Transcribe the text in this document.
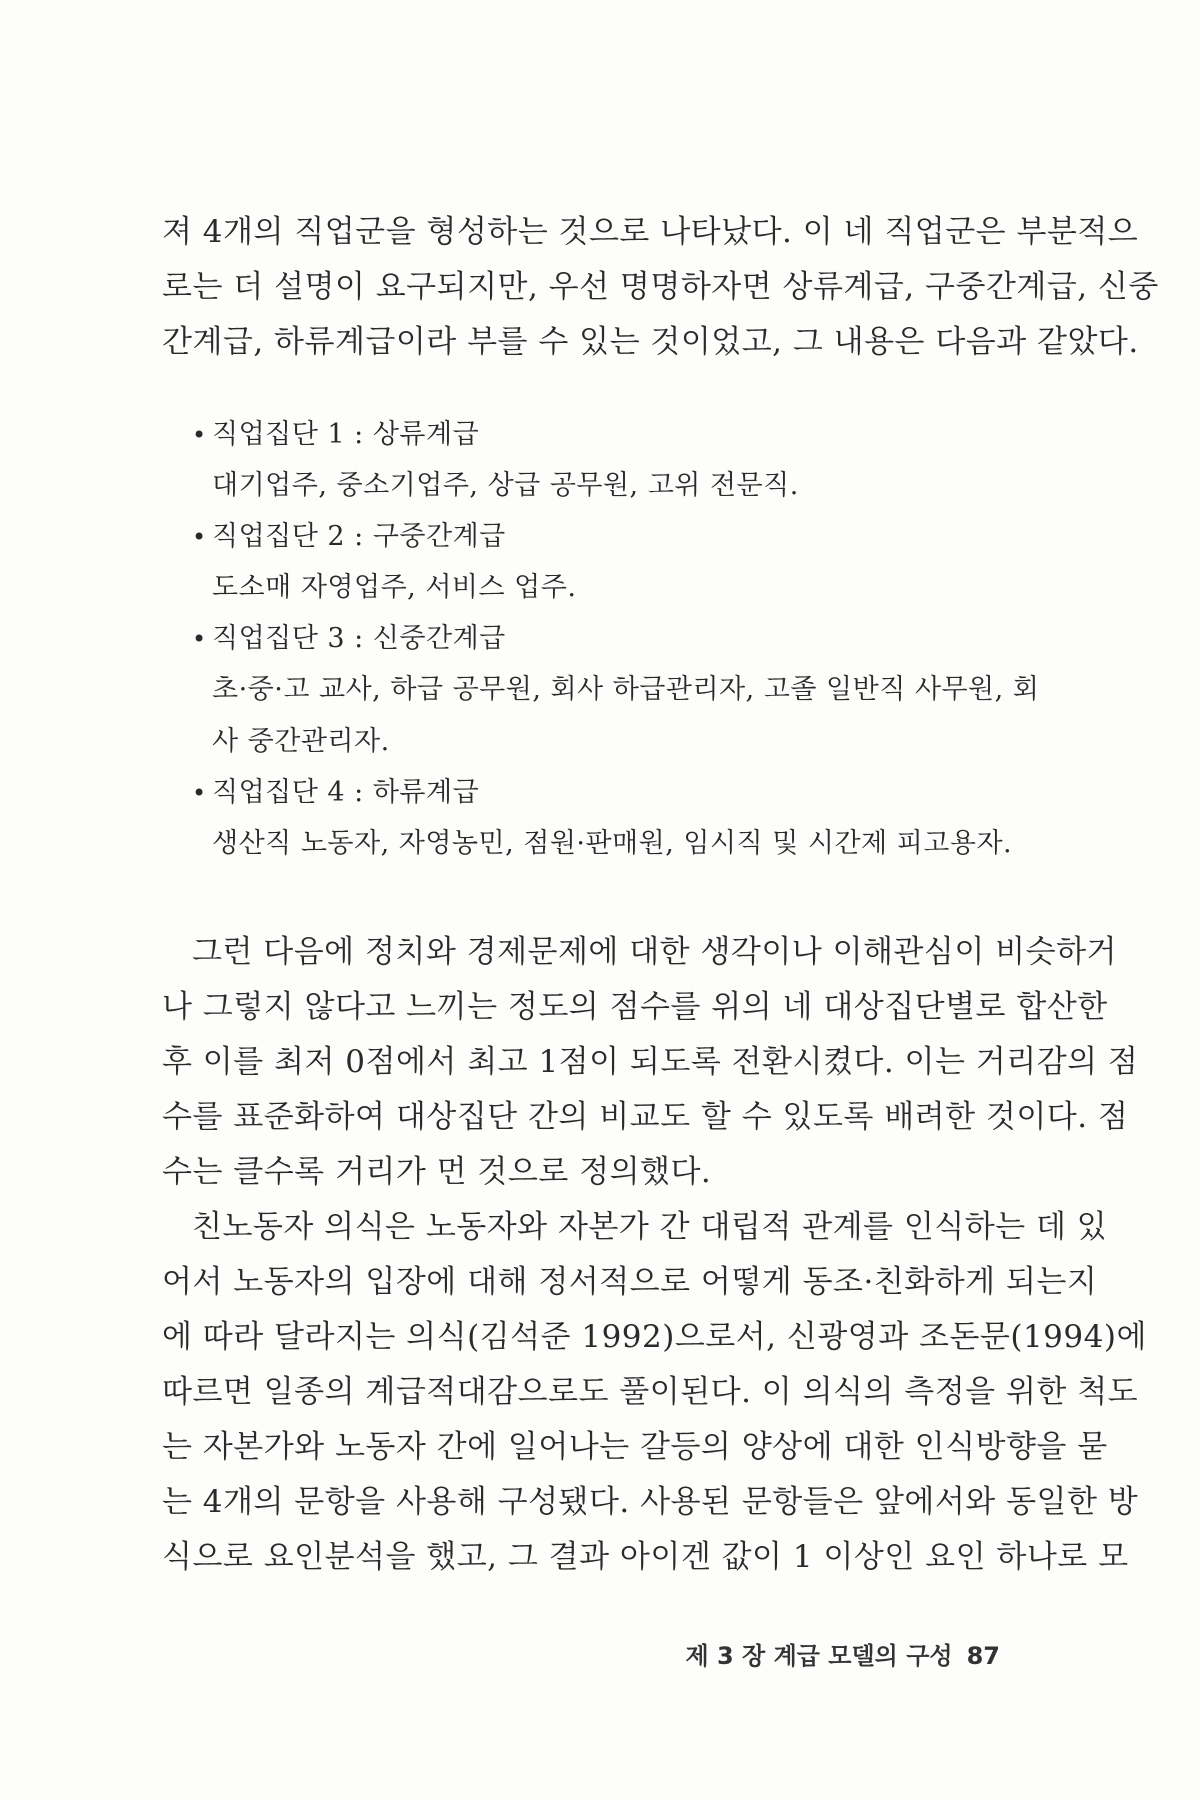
져 4개의 직업군을 형성하는 것으로 나타났다. 이 네 직업군은 부분적으
로는 더 설명이 요구되지만, 우선 명명하자면 상류계급, 구중간계급, 신중
간계급, 하류계급이라 부를 수 있는 것이었고, 그 내용은 다음과 같았다.
• 직업집단 1 : 상류계급
대기업주, 중소기업주, 상급 공무원, 고위 전문직.
• 직업집단 2 : 구중간계급
도소매 자영업주, 서비스 업주.
• 직업집단 3 : 신중간계급
초·중·고 교사, 하급 공무원, 회사 하급관리자, 고졸 일반직 사무원, 회
사 중간관리자.
• 직업집단 4 : 하류계급
생산직 노동자, 자영농민, 점원·판매원, 임시직 및 시간제 피고용자.
그런 다음에 정치와 경제문제에 대한 생각이나 이해관심이 비슷하거
나 그렇지 않다고 느끼는 정도의 점수를 위의 네 대상집단별로 합산한
후 이를 최저 0점에서 최고 1점이 되도록 전환시켰다. 이는 거리감의 점
수를 표준화하여 대상집단 간의 비교도 할 수 있도록 배려한 것이다. 점
수는 클수록 거리가 먼 것으로 정의했다.
친노동자 의식은 노동자와 자본가 간 대립적 관계를 인식하는 데 있
어서 노동자의 입장에 대해 정서적으로 어떻게 동조·친화하게 되는지
에 따라 달라지는 의식(김석준 1992)으로서, 신광영과 조돈문(1994)에
따르면 일종의 계급적대감으로도 풀이된다. 이 의식의 측정을 위한 척도
는 자본가와 노동자 간에 일어나는 갈등의 양상에 대한 인식방향을 묻
는 4개의 문항을 사용해 구성됐다. 사용된 문항들은 앞에서와 동일한 방
식으로 요인분석을 했고, 그 결과 아이겐 값이 1 이상인 요인 하나로 모
제 3 장 계급 모델의 구성 87
